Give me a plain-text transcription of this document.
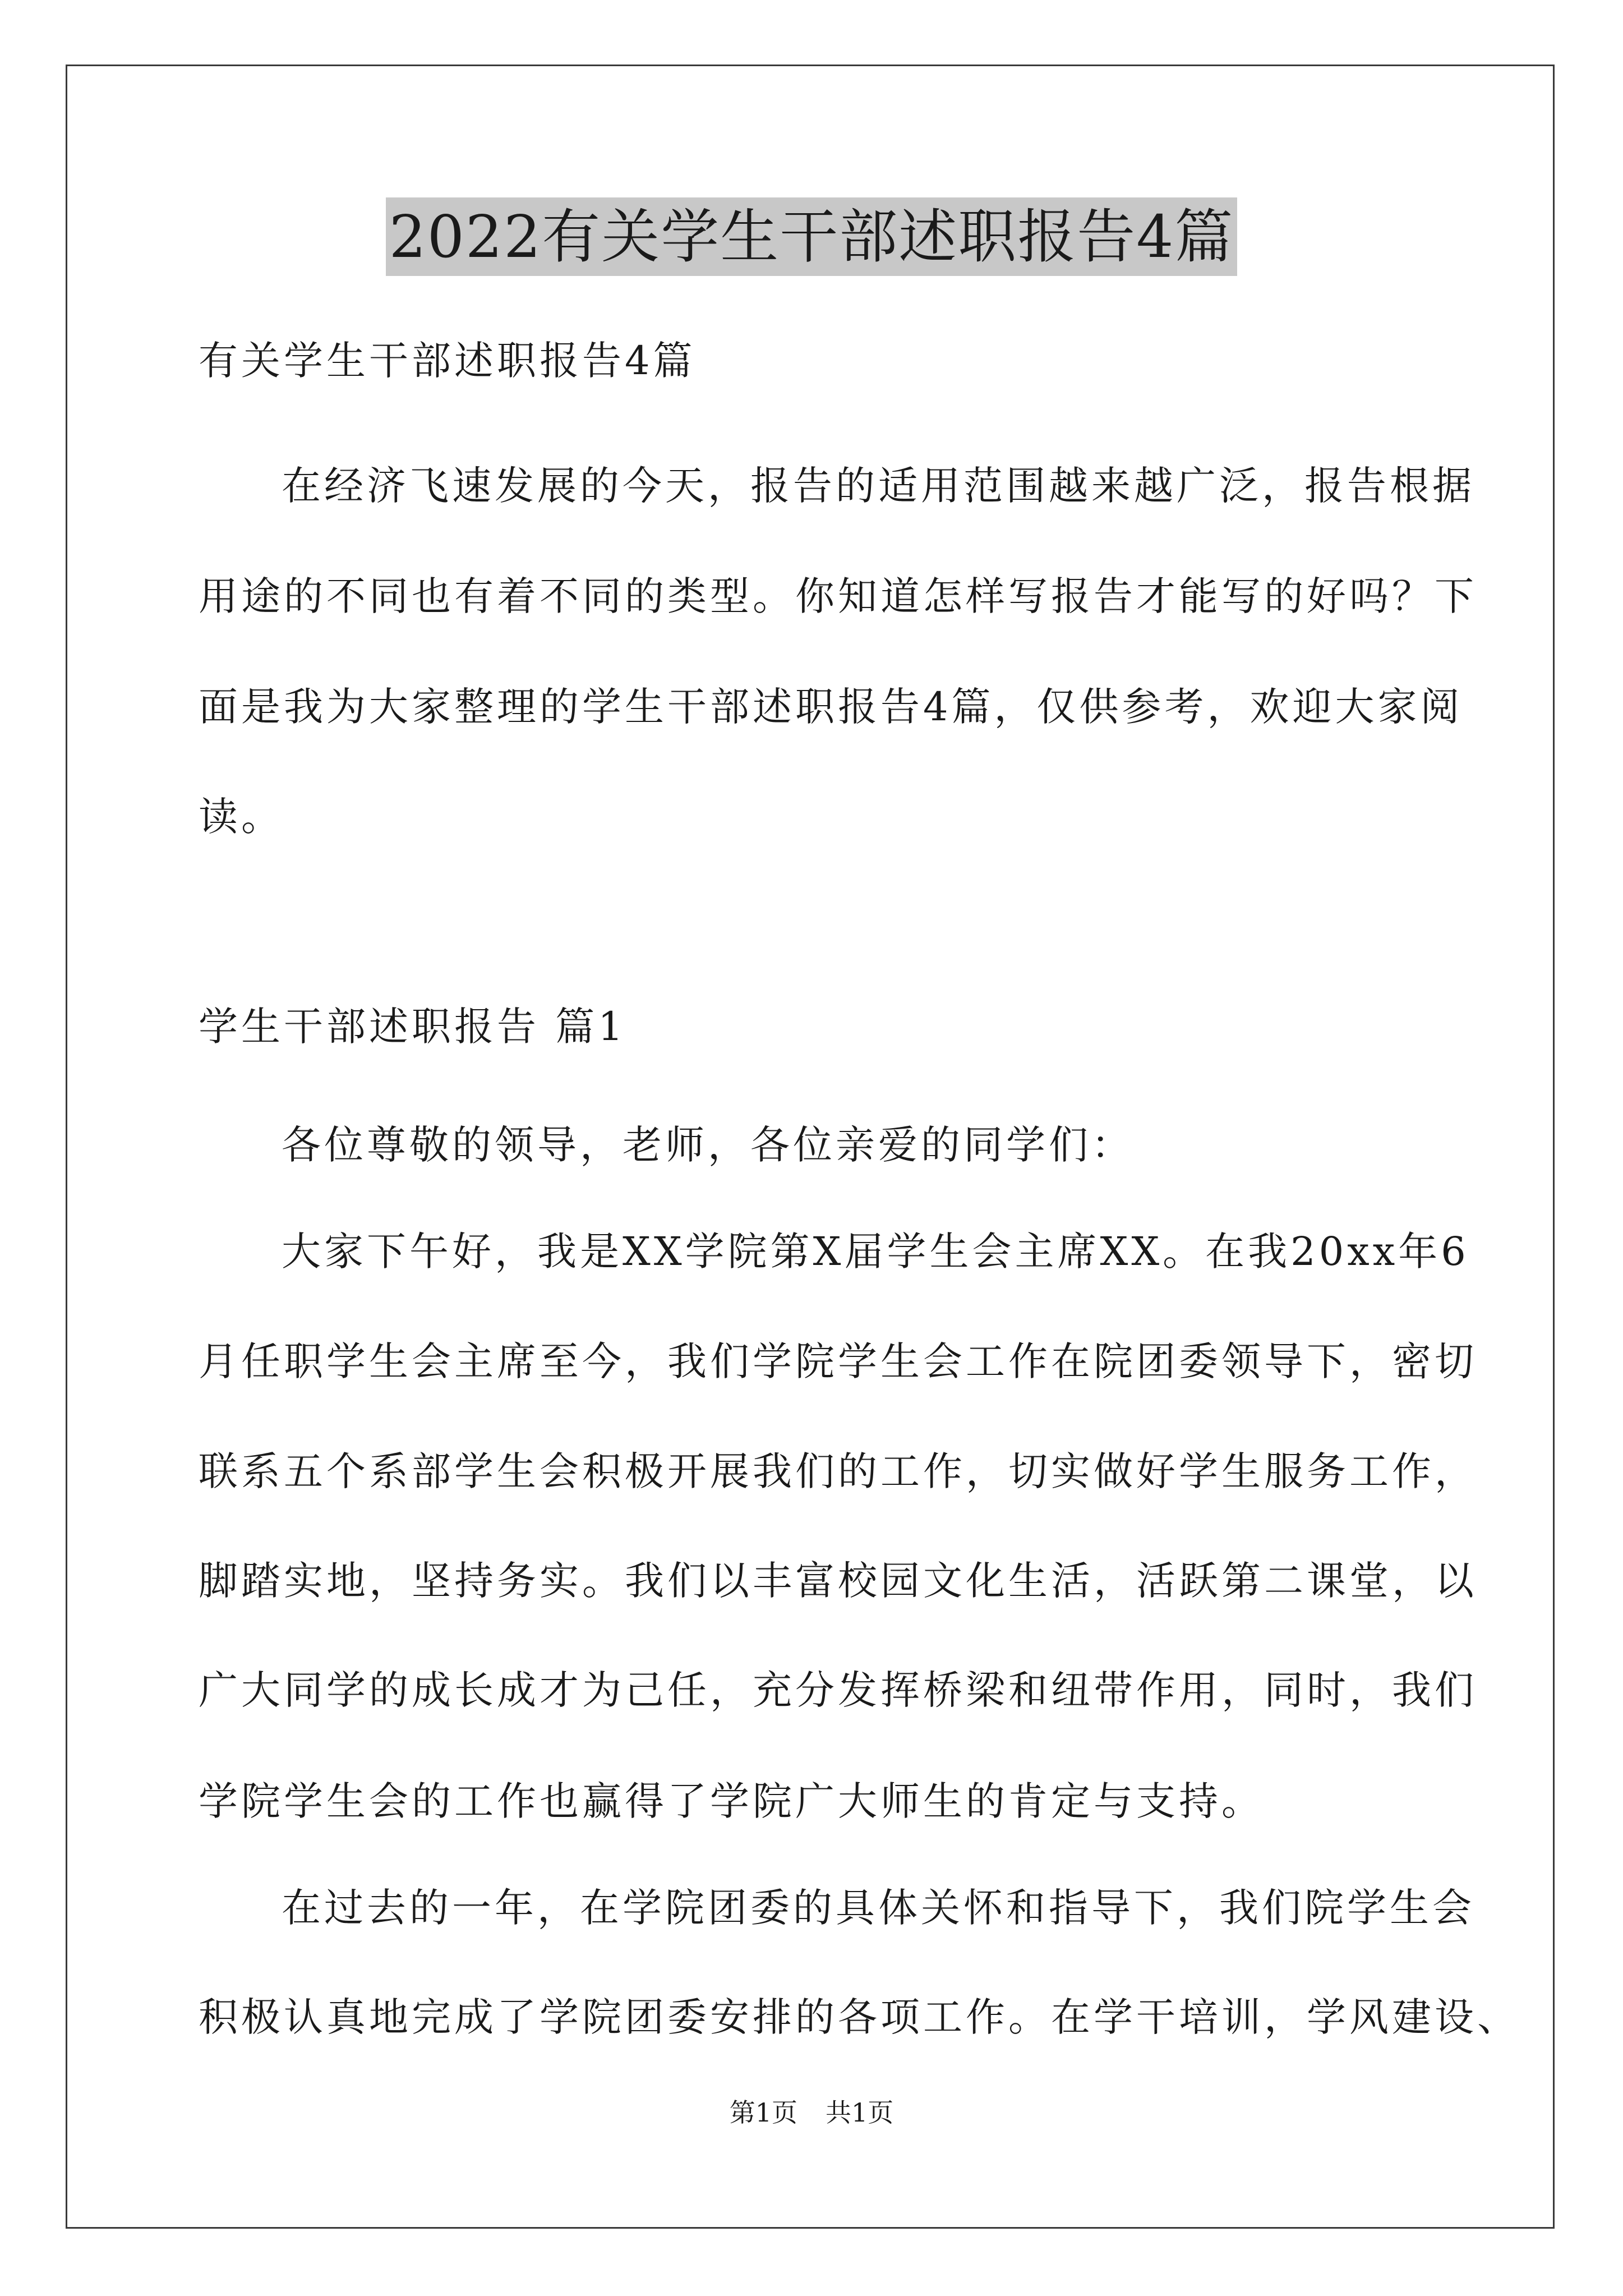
2022有关学生干部述职报告4篇
有关学生干部述职报告4篇
在经济飞速发展的今天，报告的适用范围越来越广泛，报告根据
用途的不同也有着不同的类型。你知道怎样写报告才能写的好吗？下
面是我为大家整理的学生干部述职报告4篇，仅供参考，欢迎大家阅
读。
学生干部述职报告 篇1
各位尊敬的领导，老师，各位亲爱的同学们：
大家下午好，我是XX学院第X届学生会主席XX。在我20xx年6
月任职学生会主席至今，我们学院学生会工作在院团委领导下，密切
联系五个系部学生会积极开展我们的工作，切实做好学生服务工作，
脚踏实地，坚持务实。我们以丰富校园文化生活，活跃第二课堂，以
广大同学的成长成才为己任，充分发挥桥梁和纽带作用，同时，我们
学院学生会的工作也赢得了学院广大师生的肯定与支持。
在过去的一年，在学院团委的具体关怀和指导下，我们院学生会
积极认真地完成了学院团委安排的各项工作。在学干培训，学风建设、
第1页 共1页
